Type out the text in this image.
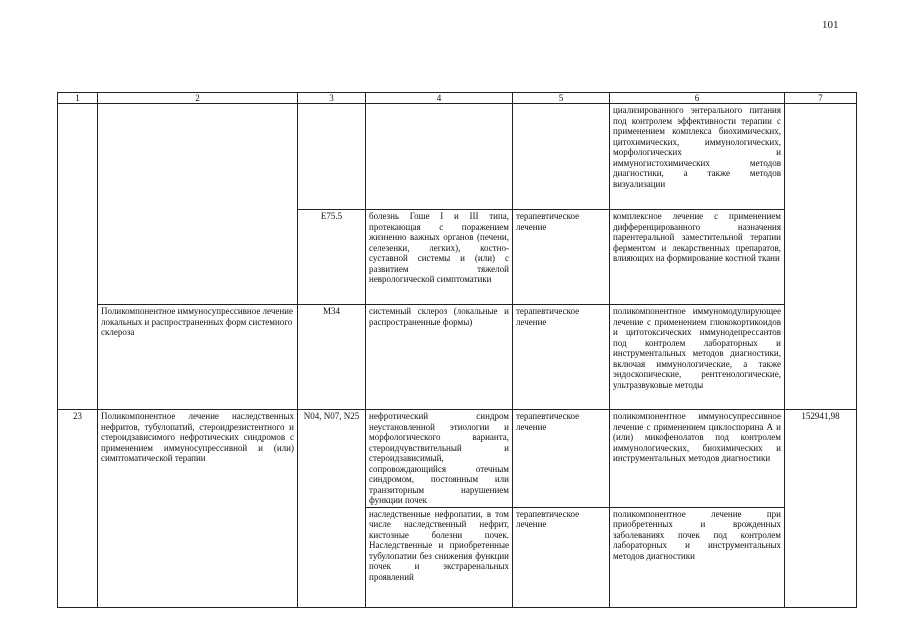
101
1	2	3	4	5	6	7
					циализированного энтерального питания под контролем эффективности терапии с применением комплекса биохимических, цитохимических, иммунологических, морфологических и иммуногистохимических методов диагностики, а также методов визуализации	
		E75.5	болезнь Гоше I и III типа, протекающая с поражением жизненно важных органов (печени, селезенки, легких), костно-суставной системы и (или) с развитием тяжелой неврологической симптоматики	терапевтическое лечение	комплексное лечение с применением дифференцированного назначения парентеральной заместительной терапии ферментом и лекарственных препаратов, влияющих на формирование костной ткани	
	Поликомпонентное иммуносупрессивное лечение локальных и распространенных форм системного склероза	M34	системный склероз (локальные и распространенные формы)	терапевтическое лечение	поликомпонентное иммуномодулирующее лечение с применением глюкокортикоидов и цитотоксических иммунодепрессантов под контролем лабораторных и инструментальных методов диагностики, включая иммунологические, а также эндоскопические, рентгенологические, ультразвуковые методы	
23	Поликомпонентное лечение наследственных нефритов, тубулопатий, стероидрезистентного и стероидзависимого нефротических синдромов с применением иммуносупрессивной и (или) симптоматической терапии	N04, N07, N25	нефротический синдром неустановленной этиологии и морфологического варианта, стероидчувствительный и стероидзависимый, сопровождающийся отечным синдромом, постоянным или транзиторным нарушением функции почек	терапевтическое лечение	поликомпонентное иммуносупрессивное лечение с применением циклоспорина А и (или) микофенолатов под контролем иммунологических, биохимических и инструментальных методов диагностики	152941,98
			наследственные нефропатии, в том числе наследственный нефрит, кистозные болезни почек. Наследственные и приобретенные тубулопатии без снижения функции почек и экстраренальных проявлений	терапевтическое лечение	поликомпонентное лечение при приобретенных и врожденных заболеваниях почек под контролем лабораторных и инструментальных методов диагностики	
